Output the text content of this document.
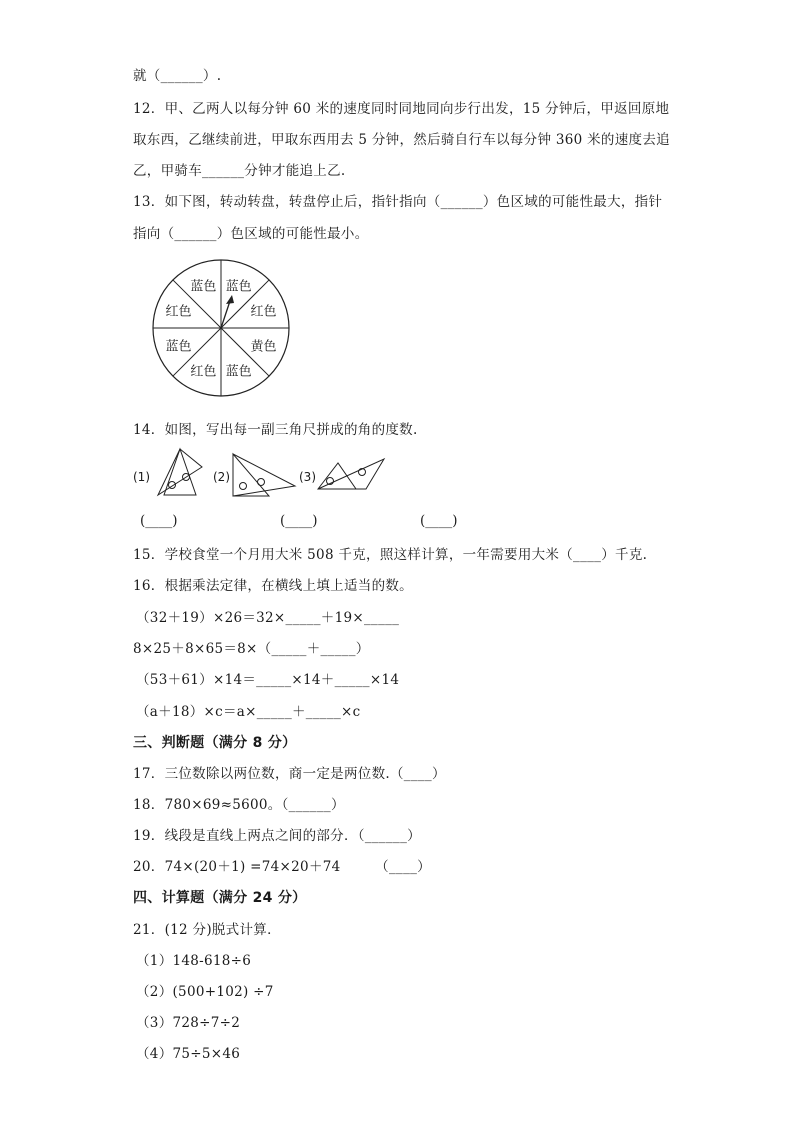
就（______）.
12．甲、乙两人以每分钟 60 米的速度同时同地同向步行出发，15 分钟后，甲返回原地
取东西，乙继续前进，甲取东西用去 5 分钟，然后骑自行车以每分钟 360 米的速度去追
乙，甲骑车______分钟才能追上乙.
13．如下图，转动转盘，转盘停止后，指针指向（______）色区域的可能性最大，指针
指向（______）色区域的可能性最小。
蓝色
红色
黄色
蓝色
红色
蓝色
红色
蓝色
14．如图，写出每一副三角尺拼成的角的度数.
(1)	(2)	(3)
(____)	(____)	(____)
15．学校食堂一个月用大米 508 千克，照这样计算，一年需要用大米（____）千克.
16．根据乘法定律，在横线上填上适当的数。
（32＋19）×26＝32×_____＋19×_____
8×25＋8×65＝8×（_____＋_____）
（53＋61）×14＝_____×14＋_____×14
（a＋18）×c＝a×_____＋_____×c
三、判断题（满分 8 分）
17．三位数除以两位数，商一定是两位数.（____）
18．780×69≈5600。（______）
19．线段是直线上两点之间的部分．（______）
20．74×(20＋1) =74×20＋74　　　（____）
四、计算题（满分 24 分）
21．(12 分)脱式计算．
（1）148-618÷6
（2）(500+102) ÷7
（3）728÷7÷2
（4）75÷5×46
